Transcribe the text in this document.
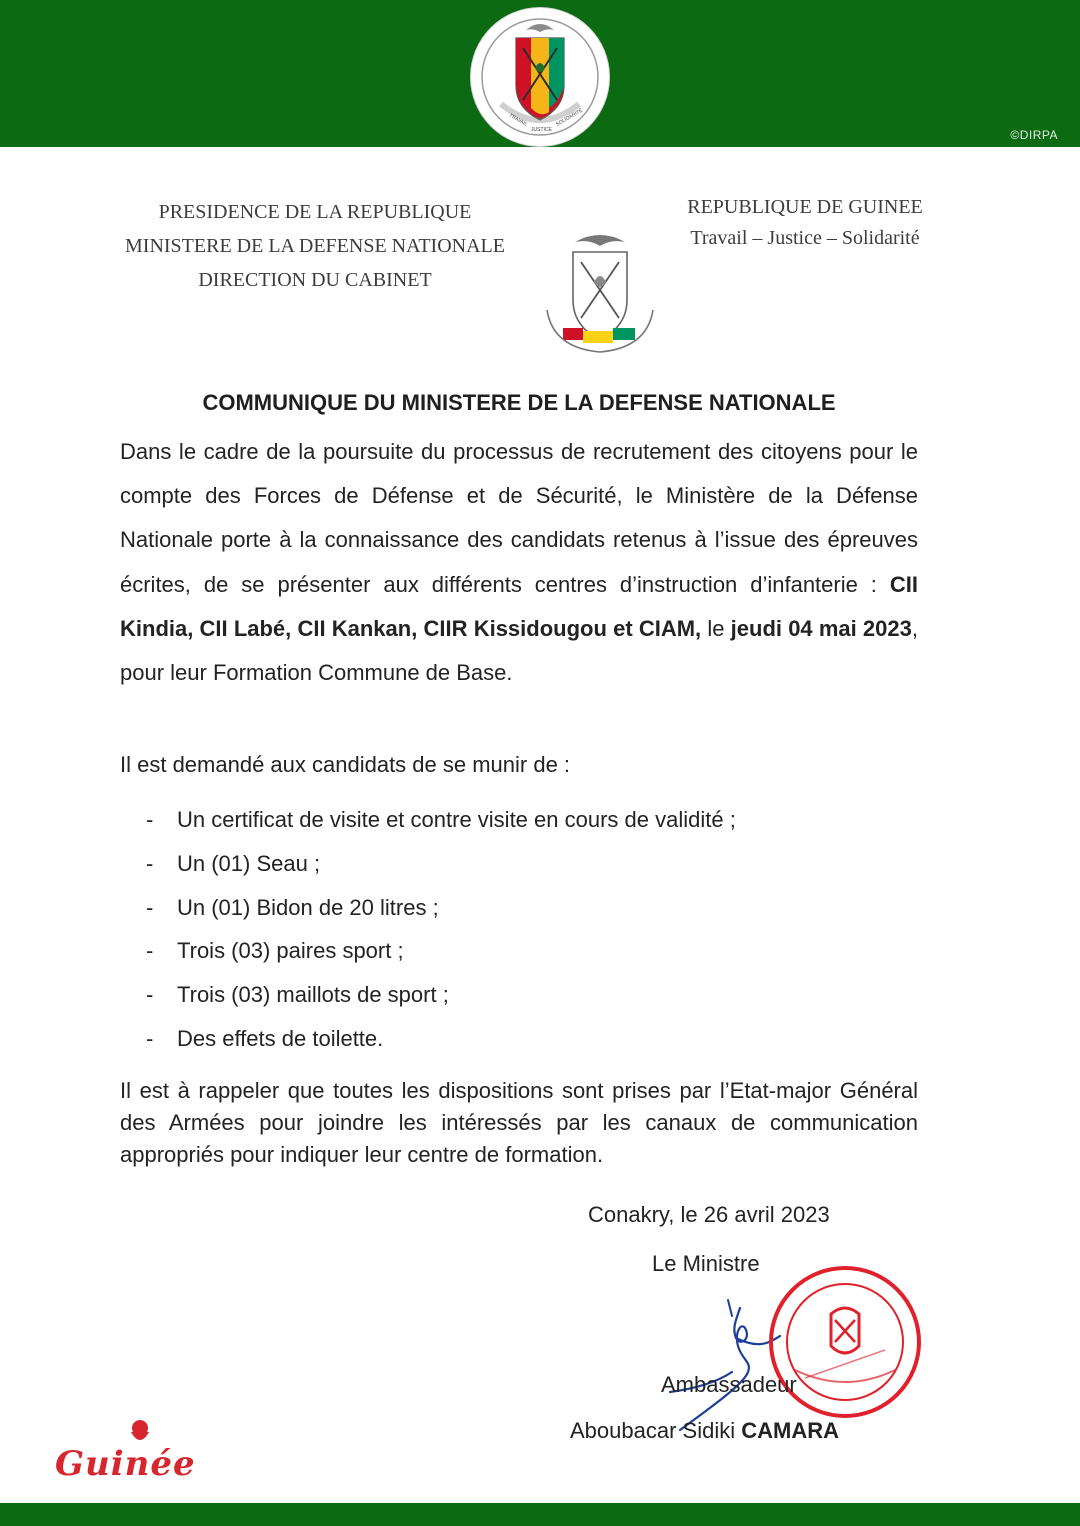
©DIRPA
TRAVAIL
JUSTICE
SOLIDARITÉ
PRESIDENCE DE LA REPUBLIQUE
MINISTERE DE LA DEFENSE NATIONALE
DIRECTION DU CABINET
REPUBLIQUE DE GUINEE
Travail – Justice – Solidarité
COMMUNIQUE DU MINISTERE DE LA DEFENSE NATIONALE
Dans le cadre de la poursuite du processus de recrutement des citoyens pour le compte des Forces de Défense et de Sécurité, le Ministère de la Défense Nationale porte à la connaissance des candidats retenus à l’issue des épreuves écrites, de se présenter aux différents centres d’instruction d’infanterie : CII Kindia, CII Labé, CII Kankan, CIIR Kissidougou et CIAM, le jeudi 04 mai 2023, pour leur Formation Commune de Base.
Il est demandé aux candidats de se munir de :
- Un certificat de visite et contre visite en cours de validité ;
- Un (01) Seau ;
- Un (01) Bidon de 20 litres ;
- Trois (03) paires sport ;
- Trois (03) maillots de sport ;
- Des effets de toilette.
Il est à rappeler que toutes les dispositions sont prises par l’Etat-major Général des Armées pour joindre les intéressés par les canaux de communication appropriés pour indiquer leur centre de formation.
Conakry, le 26 avril 2023
Le Ministre
Ambassadeur
Aboubacar Sidiki CAMARA
Guinée
